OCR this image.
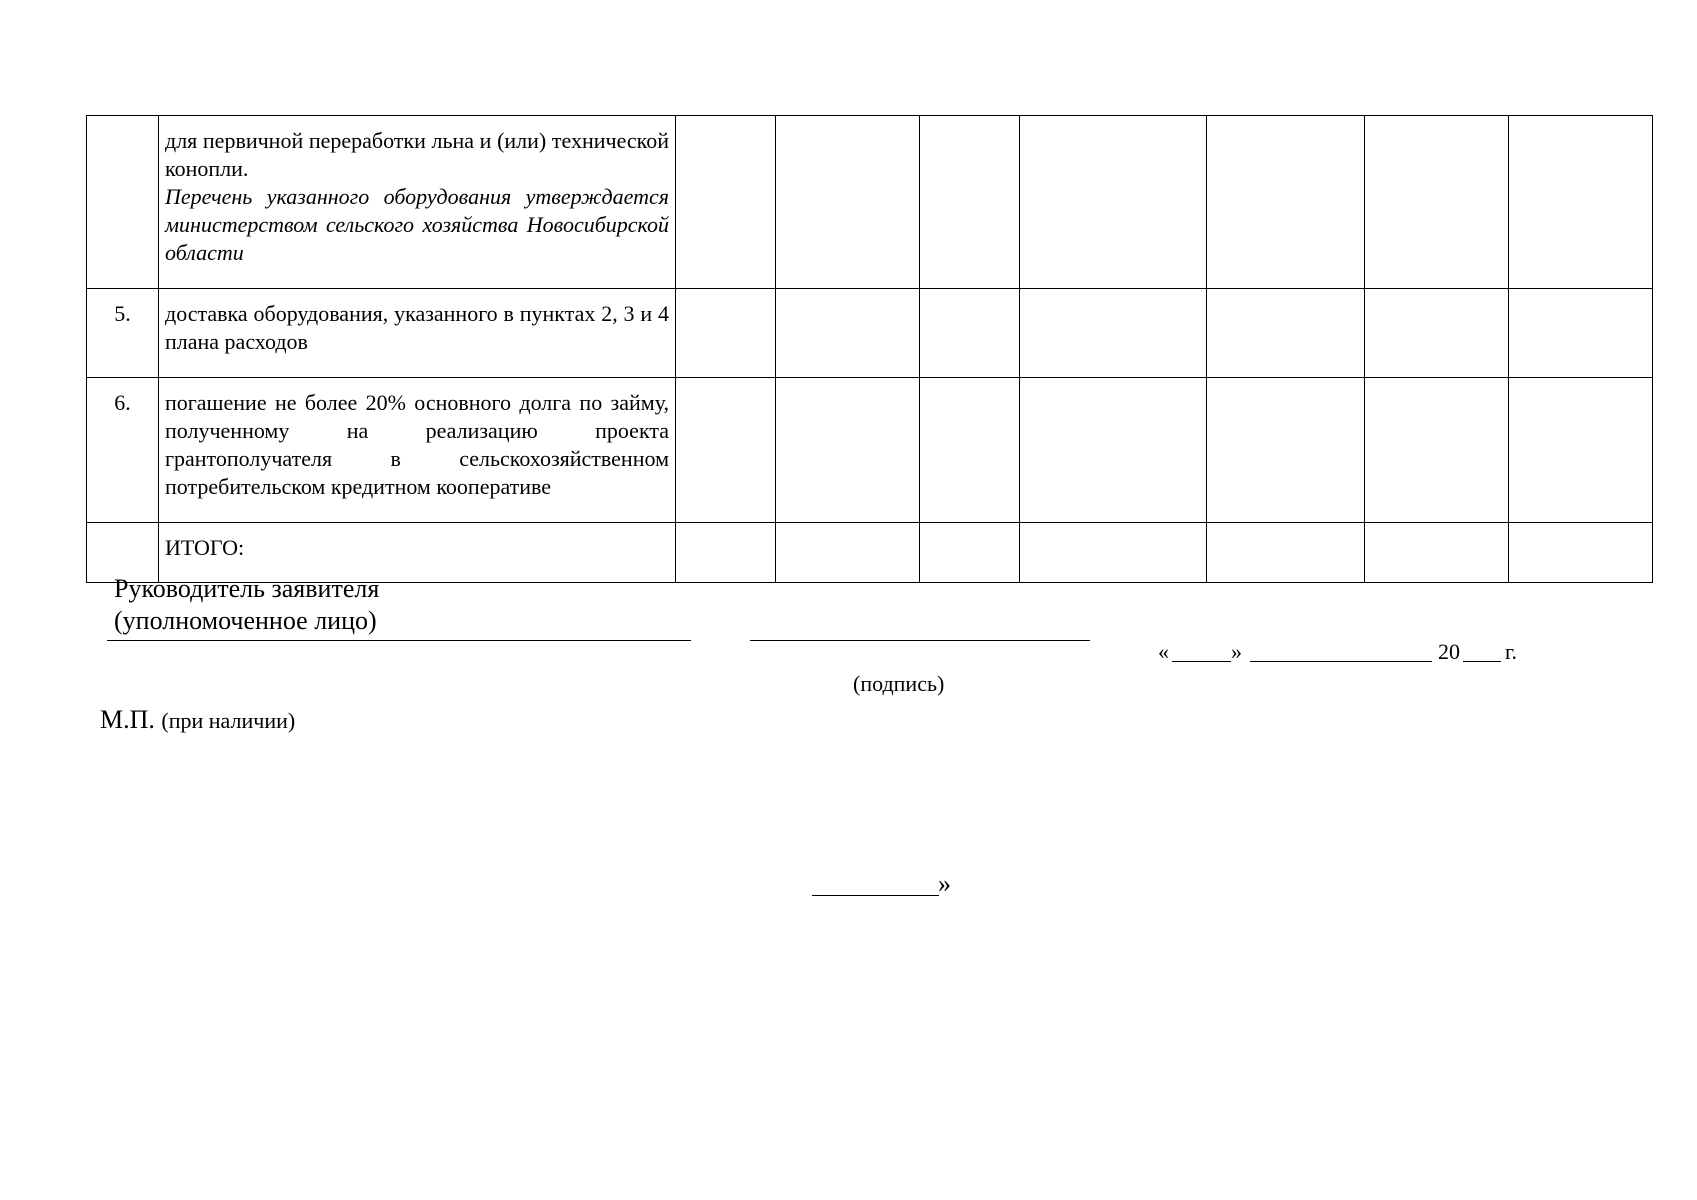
	для первичной переработки льна и (или) технической конопли.
Перечень указанного оборудования утверждается министерством сельского хозяйства Новосибирской области							

5.	доставка оборудования, указанного в пунктах 2, 3 и 4 плана расходов							

6.	погашение не более 20% основного долга по займу, полученному на реализацию проекта грантополучателя в сельскохозяйственном потребительском кредитном кооперативе							

	ИТОГО:							

Руководитель заявителя
(уполномоченное лицо)
(подпись)
«	»	20 г.
М.П. (при наличии)
»
